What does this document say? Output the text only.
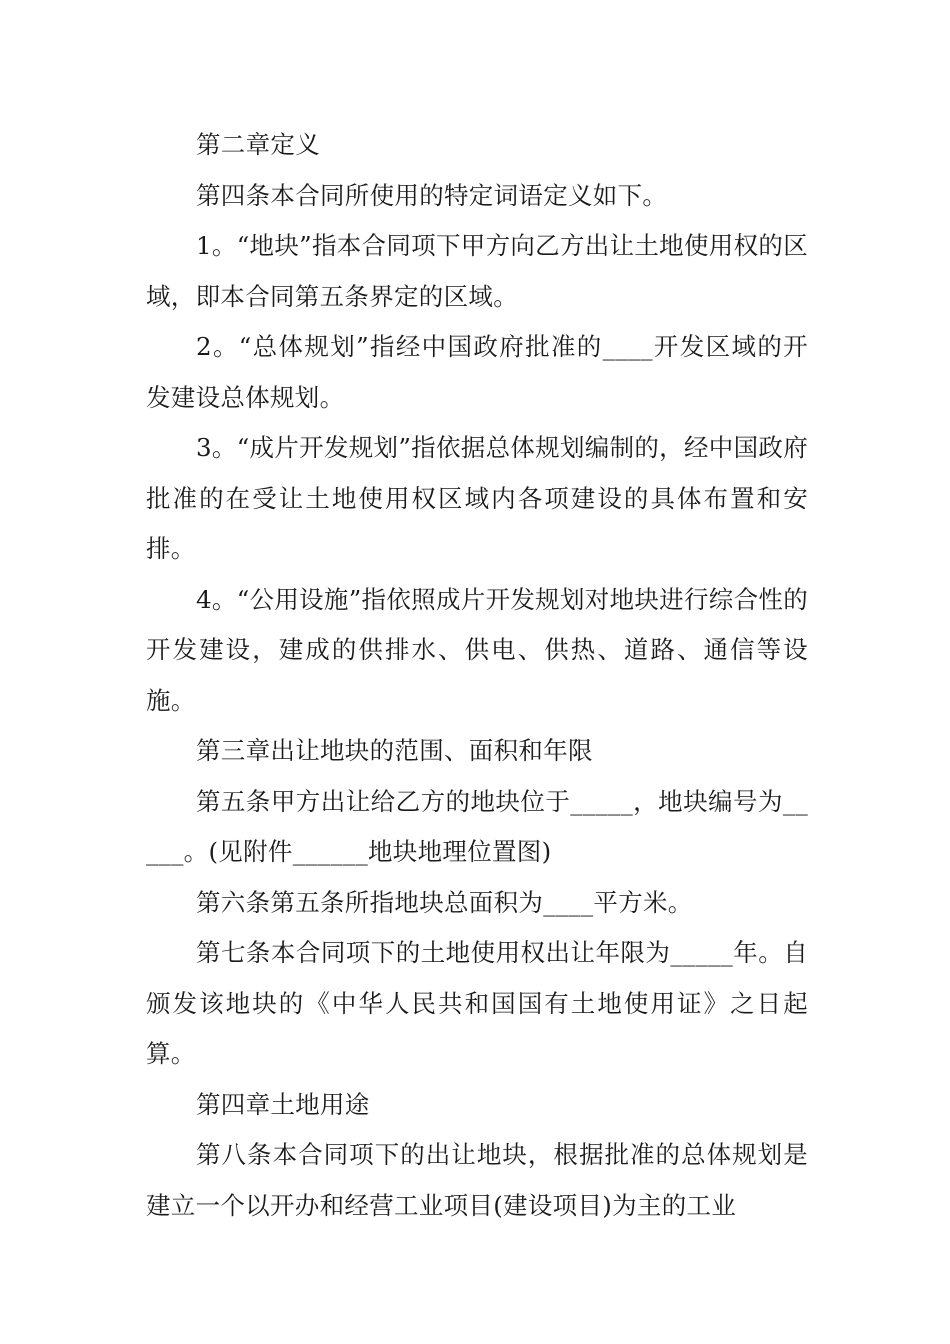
第二章定义

第四条本合同所使用的特定词语定义如下。

1。“地块”指本合同项下甲方向乙方出让土地使用权的区域，即本合同第五条界定的区域。

2。“总体规划”指经中国政府批准的____开发区域的开发建设总体规划。

3。“成片开发规划”指依据总体规划编制的，经中国政府批准的在受让土地使用权区域内各项建设的具体布置和安排。

4。“公用设施”指依照成片开发规划对地块进行综合性的开发建设，建成的供排水、供电、供热、道路、通信等设施。

第三章出让地块的范围、面积和年限

第五条甲方出让给乙方的地块位于_____，地块编号为_____。(见附件______地块地理位置图)

第六条第五条所指地块总面积为____平方米。

第七条本合同项下的土地使用权出让年限为_____年。自颁发该地块的《中华人民共和国国有土地使用证》之日起算。

第四章土地用途

第八条本合同项下的出让地块，根据批准的总体规划是建立一个以开办和经营工业项目(建设项目)为主的工业
